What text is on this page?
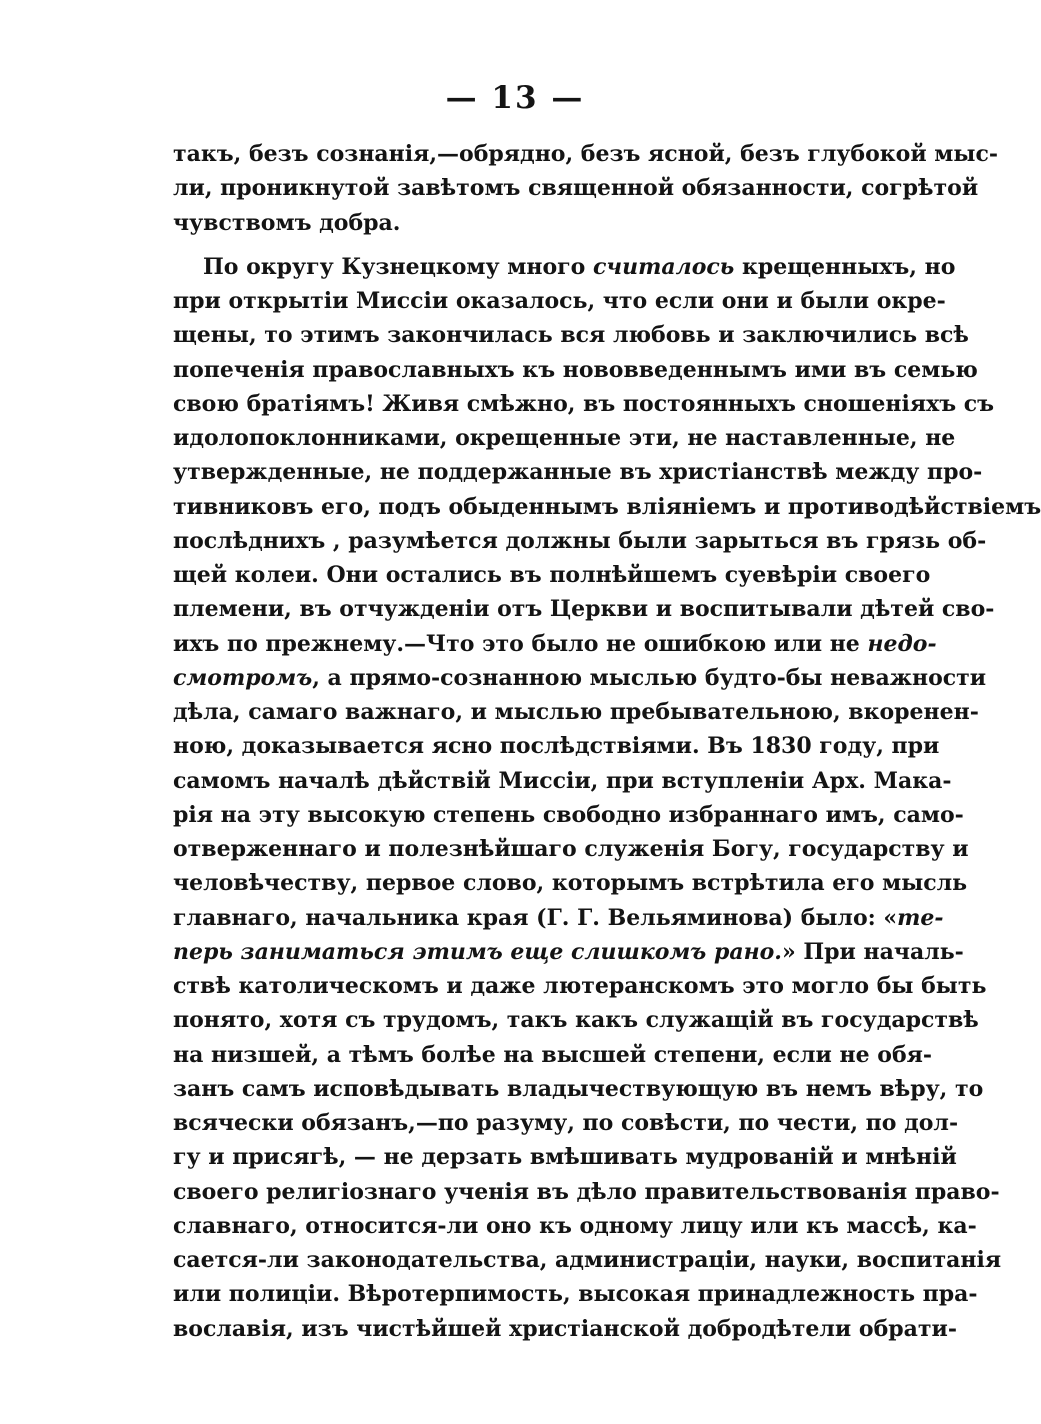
— 13 —
такъ, безъ сознанія,—обрядно, безъ ясной, безъ глубокой мыс-
ли, проникнутой завѣтомъ священной обязанности, согрѣтой
чувствомъ добра.
По округу Кузнецкому много считалось крещенныхъ, но
при открытіи Миссіи оказалось, что если они и были окре-
щены, то этимъ закончилась вся любовь и заключились всѣ
попеченія православныхъ къ нововведеннымъ ими въ семью
свою братіямъ! Живя смѣжно, въ постоянныхъ сношеніяхъ съ
идолопоклонниками, окрещенные эти, не наставленные, не
утвержденные, не поддержанные въ христіанствѣ между про-
тивниковъ его, подъ обыденнымъ вліяніемъ и противодѣйствіемъ
послѣднихъ , разумѣется должны были зарыться въ грязь об-
щей колеи. Они остались въ полнѣйшемъ суевѣріи своего
племени, въ отчужденіи отъ Церкви и воспитывали дѣтей сво-
ихъ по прежнему.—Что это было не ошибкою или не недо-
смотромъ, а прямо-сознанною мыслью будто-бы неважности
дѣла, самаго важнаго, и мыслью пребывательною, вкоренен-
ною, доказывается ясно послѣдствіями. Въ 1830 году, при
самомъ началѣ дѣйствій Миссіи, при вступленіи Арх. Мака-
рія на эту высокую степень свободно избраннаго имъ, само-
отверженнаго и полезнѣйшаго служенія Богу, государству и
человѣчеству, первое слово, которымъ встрѣтила его мысль
главнаго, начальника края (Г. Г. Вельяминова) было: «те-
перь заниматься этимъ еще слишкомъ рано.» При началь-
ствѣ католическомъ и даже лютеранскомъ это могло бы быть
понято, хотя съ трудомъ, такъ какъ служащій въ государствѣ
на низшей, а тѣмъ болѣе на высшей степени, если не обя-
занъ самъ исповѣдывать владычествующую въ немъ вѣру, то
всячески обязанъ,—по разуму, по совѣсти, по чести, по дол-
гу и присягѣ, — не дерзать вмѣшивать мудрованій и мнѣній
своего религіознаго ученія въ дѣло правительствованія право-
славнаго, относится-ли оно къ одному лицу или къ массѣ, ка-
сается-ли законодательства, администраціи, науки, воспитанія
или полиціи. Вѣротерпимость, высокая принадлежность пра-
вославія, изъ чистѣйшей христіанской добродѣтели обрати-
